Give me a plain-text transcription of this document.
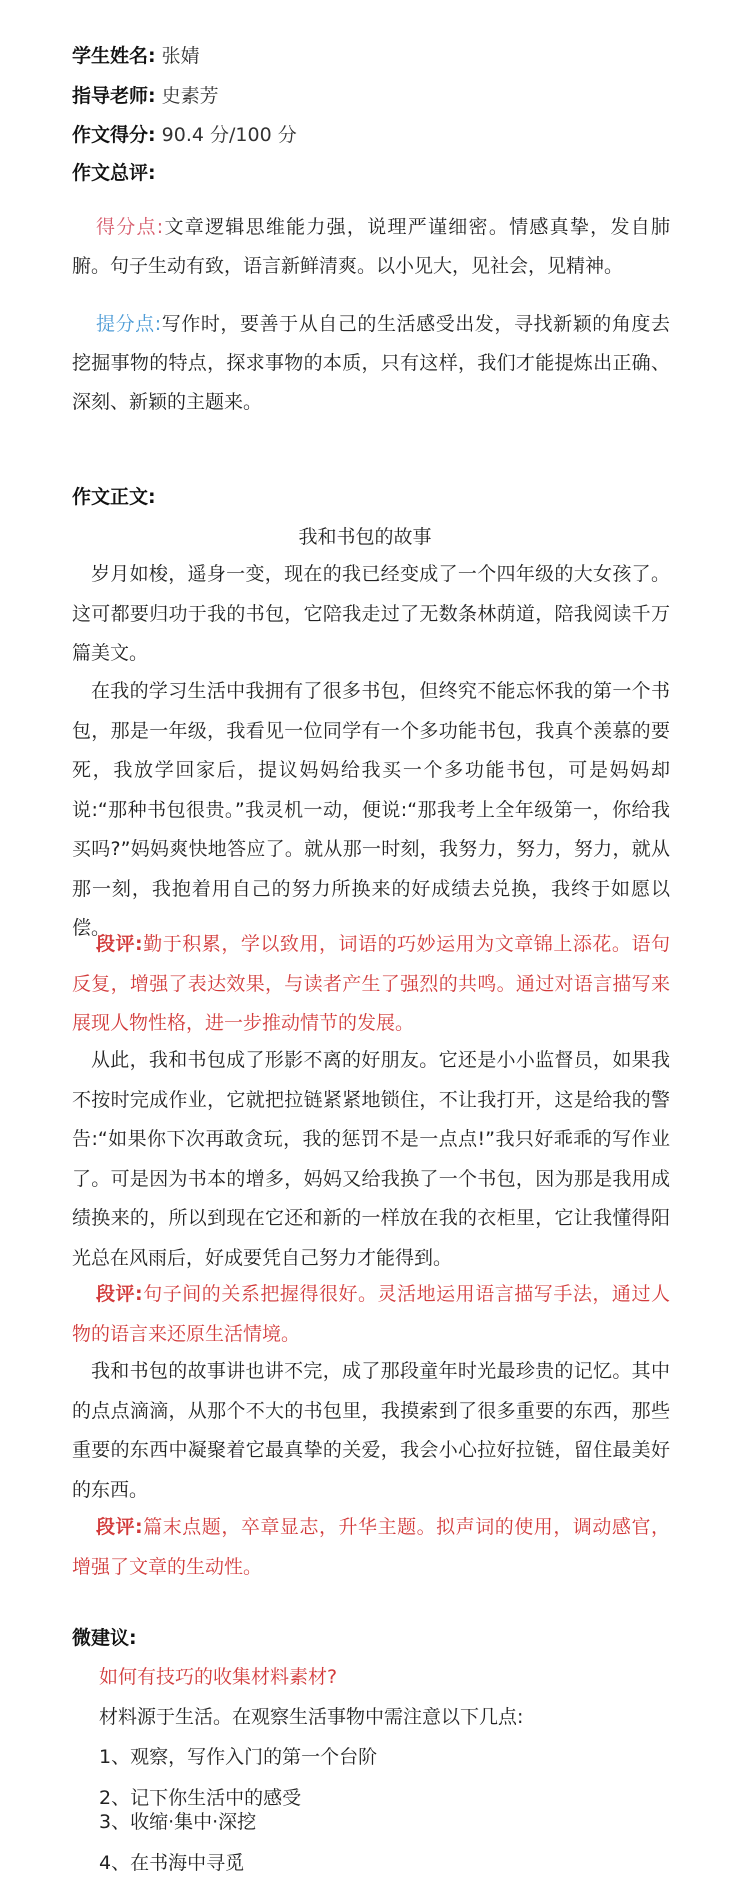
学生姓名: 张婧
指导老师: 史素芳
作文得分: 90.4 分/100 分
作文总评:
得分点:文章逻辑思维能力强，说理严谨细密。情感真挚，发自肺腑。句子生动有致，语言新鲜清爽。以小见大，见社会，见精神。
提分点:写作时，要善于从自己的生活感受出发，寻找新颖的角度去挖掘事物的特点，探求事物的本质，只有这样，我们才能提炼出正确、深刻、新颖的主题来。
作文正文:
我和书包的故事
岁月如梭，遥身一变，现在的我已经变成了一个四年级的大女孩了。这可都要归功于我的书包，它陪我走过了无数条林荫道，陪我阅读千万篇美文。
在我的学习生活中我拥有了很多书包，但终究不能忘怀我的第一个书包，那是一年级，我看见一位同学有一个多功能书包，我真个羡慕的要死，我放学回家后，提议妈妈给我买一个多功能书包，可是妈妈却说:“那种书包很贵。”我灵机一动，便说:“那我考上全年级第一，你给我买吗?”妈妈爽快地答应了。就从那一时刻，我努力，努力，努力，就从那一刻，我抱着用自己的努力所换来的好成绩去兑换，我终于如愿以偿。
段评:勤于积累，学以致用，词语的巧妙运用为文章锦上添花。语句反复，增强了表达效果，与读者产生了强烈的共鸣。通过对语言描写来展现人物性格，进一步推动情节的发展。
从此，我和书包成了形影不离的好朋友。它还是小小监督员，如果我不按时完成作业，它就把拉链紧紧地锁住，不让我打开，这是给我的警告:“如果你下次再敢贪玩，我的惩罚不是一点点!”我只好乖乖的写作业了。可是因为书本的增多，妈妈又给我换了一个书包，因为那是我用成绩换来的，所以到现在它还和新的一样放在我的衣柜里，它让我懂得阳光总在风雨后，好成要凭自己努力才能得到。
段评:句子间的关系把握得很好。灵活地运用语言描写手法，通过人物的语言来还原生活情境。
我和书包的故事讲也讲不完，成了那段童年时光最珍贵的记忆。其中的点点滴滴，从那个不大的书包里，我摸索到了很多重要的东西，那些重要的东西中凝聚着它最真挚的关爱，我会小心拉好拉链，留住最美好的东西。
段评:篇末点题，卒章显志，升华主题。拟声词的使用，调动感官，增强了文章的生动性。
微建议:
如何有技巧的收集材料素材?
材料源于生活。在观察生活事物中需注意以下几点:
1、观察，写作入门的第一个台阶
2、记下你生活中的感受
3、收缩·集中·深挖
4、在书海中寻觅
